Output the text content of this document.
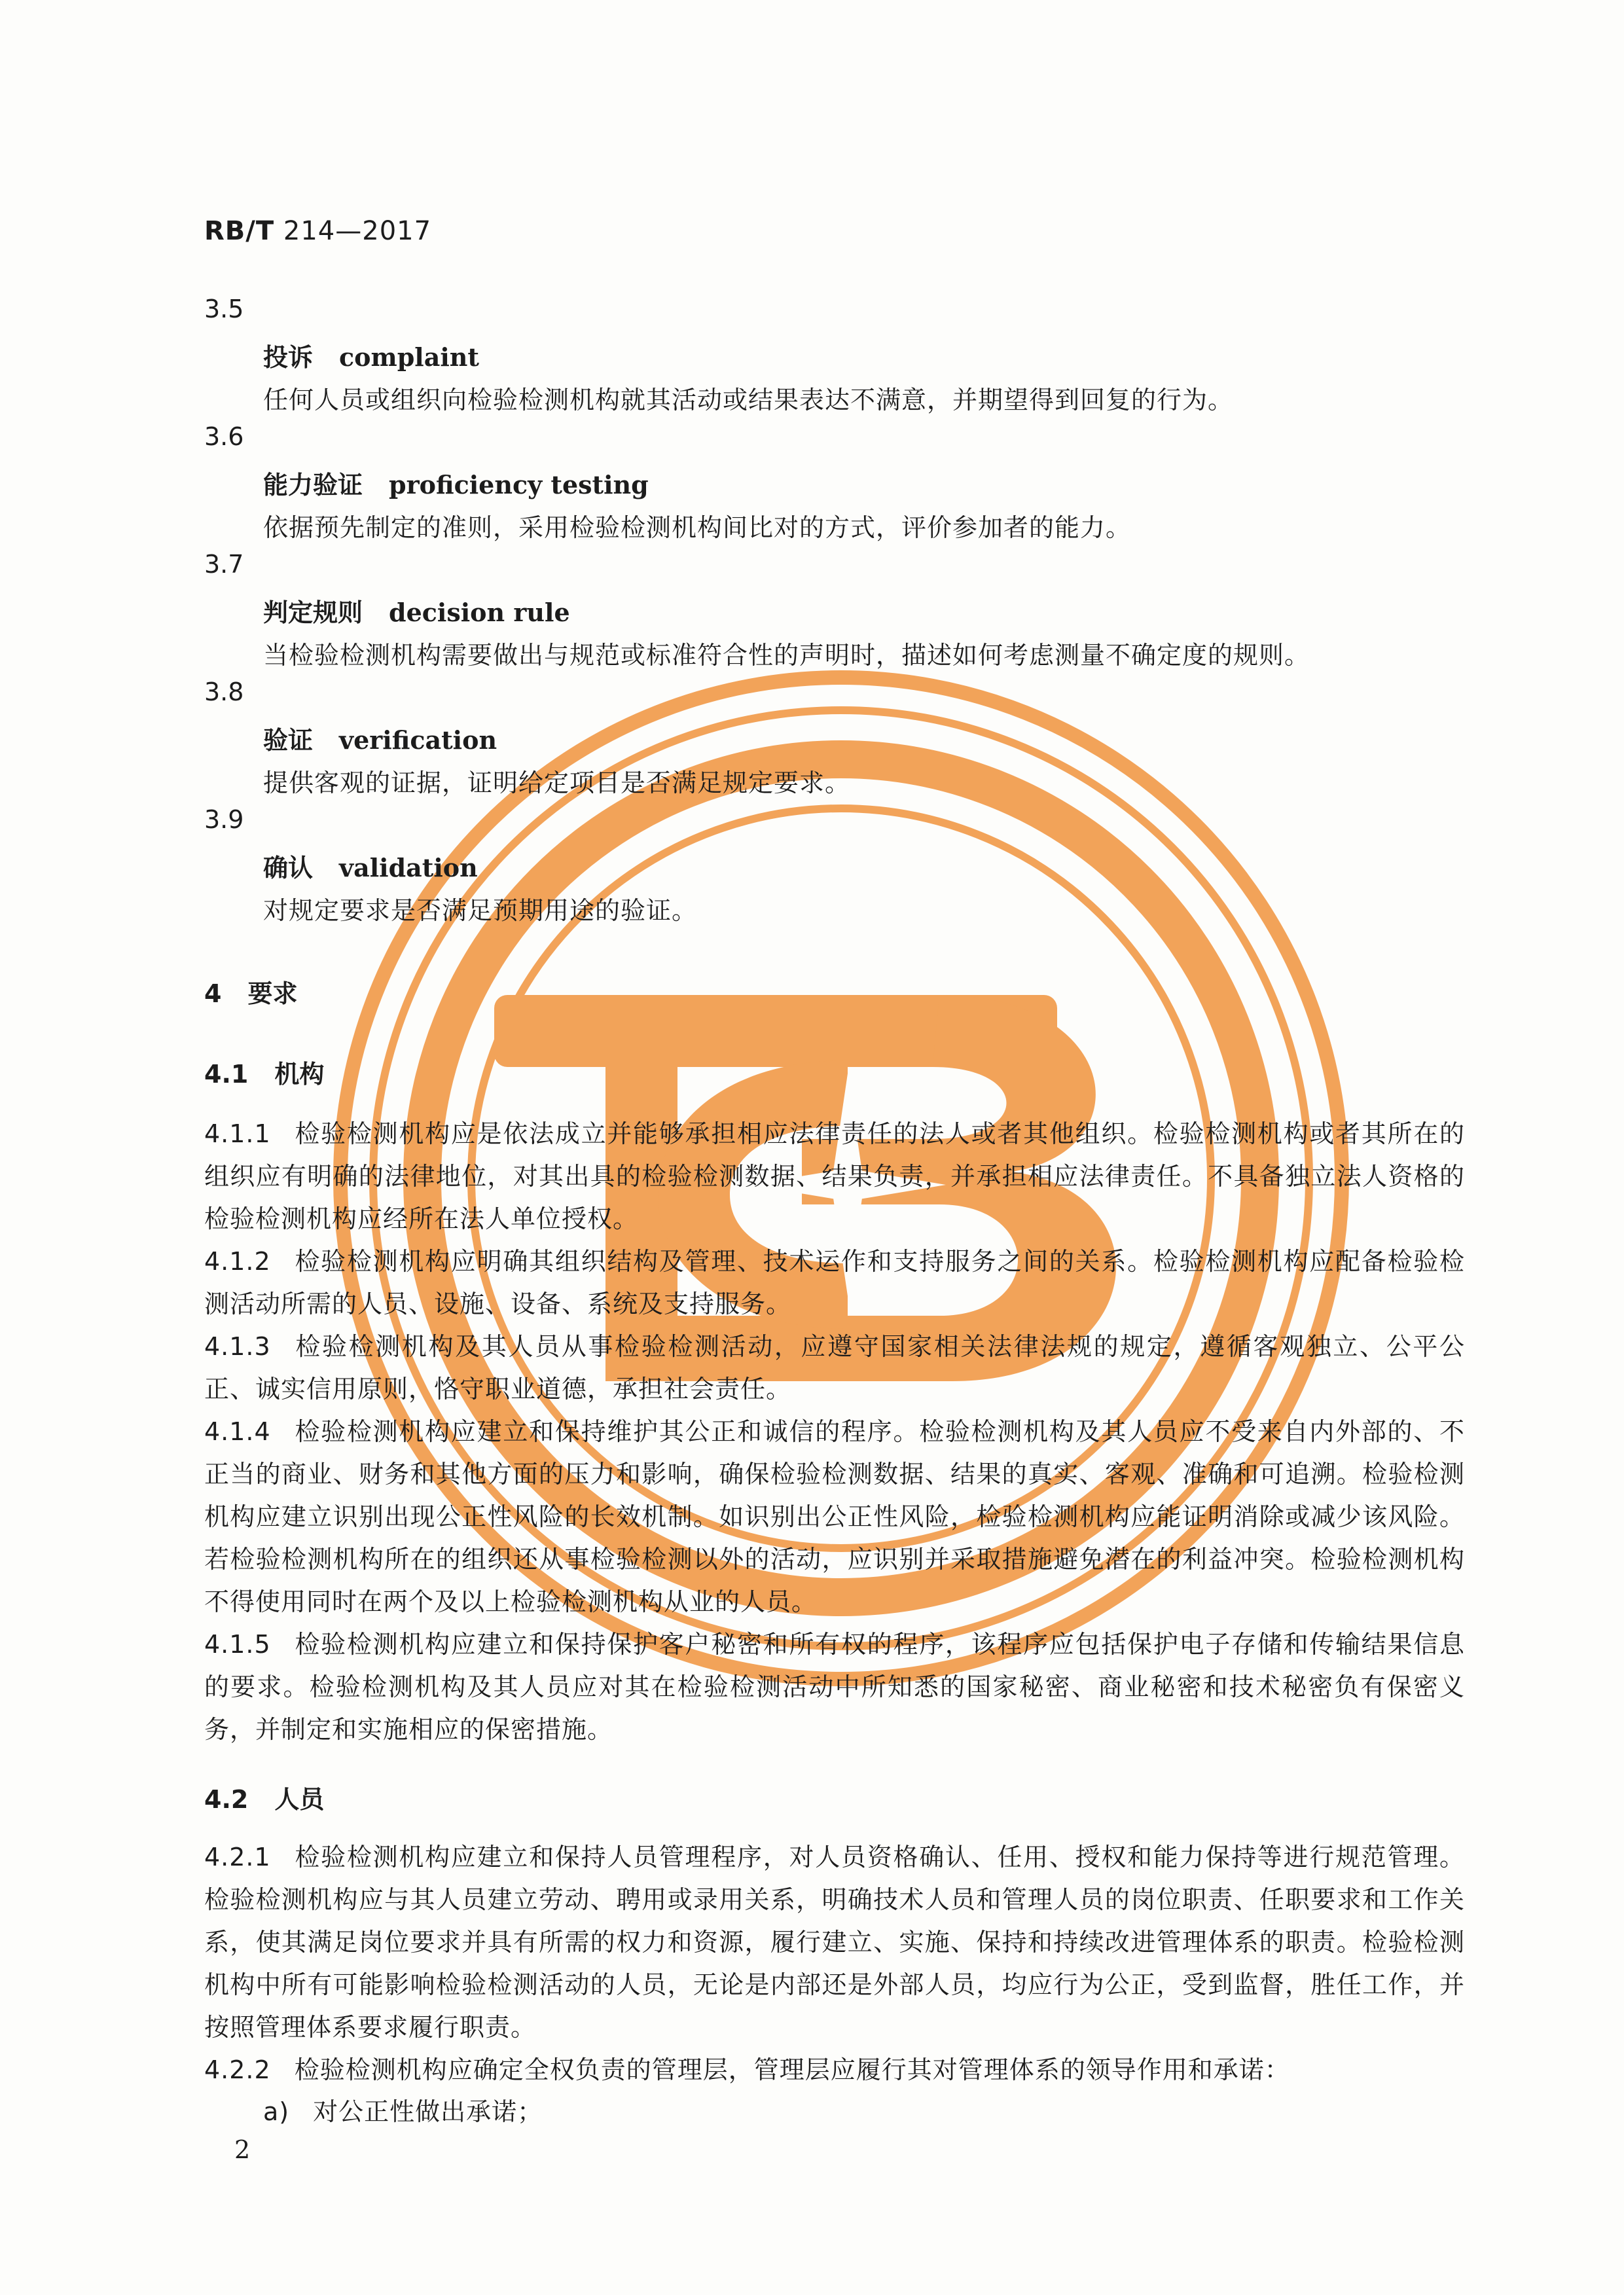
RB/T 214—2017
3.5
投诉 complaint
任何人员或组织向检验检测机构就其活动或结果表达不满意，并期望得到回复的行为。
3.6
能力验证 proficiency testing
依据预先制定的准则，采用检验检测机构间比对的方式，评价参加者的能力。
3.7
判定规则 decision rule
当检验检测机构需要做出与规范或标准符合性的声明时，描述如何考虑测量不确定度的规则。
3.8
验证 verification
提供客观的证据，证明给定项目是否满足规定要求。
3.9
确认 validation
对规定要求是否满足预期用途的验证。
4 要求
4.1 机构
4.1.1 检验检测机构应是依法成立并能够承担相应法律责任的法人或者其他组织。检验检测机构或者其所在的组织应有明确的法律地位，对其出具的检验检测数据、结果负责，并承担相应法律责任。不具备独立法人资格的检验检测机构应经所在法人单位授权。
4.1.2 检验检测机构应明确其组织结构及管理、技术运作和支持服务之间的关系。检验检测机构应配备检验检测活动所需的人员、设施、设备、系统及支持服务。
4.1.3 检验检测机构及其人员从事检验检测活动，应遵守国家相关法律法规的规定，遵循客观独立、公平公正、诚实信用原则，恪守职业道德，承担社会责任。
4.1.4 检验检测机构应建立和保持维护其公正和诚信的程序。检验检测机构及其人员应不受来自内外部的、不正当的商业、财务和其他方面的压力和影响，确保检验检测数据、结果的真实、客观、准确和可追溯。检验检测机构应建立识别出现公正性风险的长效机制。如识别出公正性风险，检验检测机构应能证明消除或减少该风险。若检验检测机构所在的组织还从事检验检测以外的活动，应识别并采取措施避免潜在的利益冲突。检验检测机构不得使用同时在两个及以上检验检测机构从业的人员。
4.1.5 检验检测机构应建立和保持保护客户秘密和所有权的程序，该程序应包括保护电子存储和传输结果信息的要求。检验检测机构及其人员应对其在检验检测活动中所知悉的国家秘密、商业秘密和技术秘密负有保密义务，并制定和实施相应的保密措施。
4.2 人员
4.2.1 检验检测机构应建立和保持人员管理程序，对人员资格确认、任用、授权和能力保持等进行规范管理。检验检测机构应与其人员建立劳动、聘用或录用关系，明确技术人员和管理人员的岗位职责、任职要求和工作关系，使其满足岗位要求并具有所需的权力和资源，履行建立、实施、保持和持续改进管理体系的职责。检验检测机构中所有可能影响检验检测活动的人员，无论是内部还是外部人员，均应行为公正，受到监督，胜任工作，并按照管理体系要求履行职责。
4.2.2 检验检测机构应确定全权负责的管理层，管理层应履行其对管理体系的领导作用和承诺：
a) 对公正性做出承诺；
2
